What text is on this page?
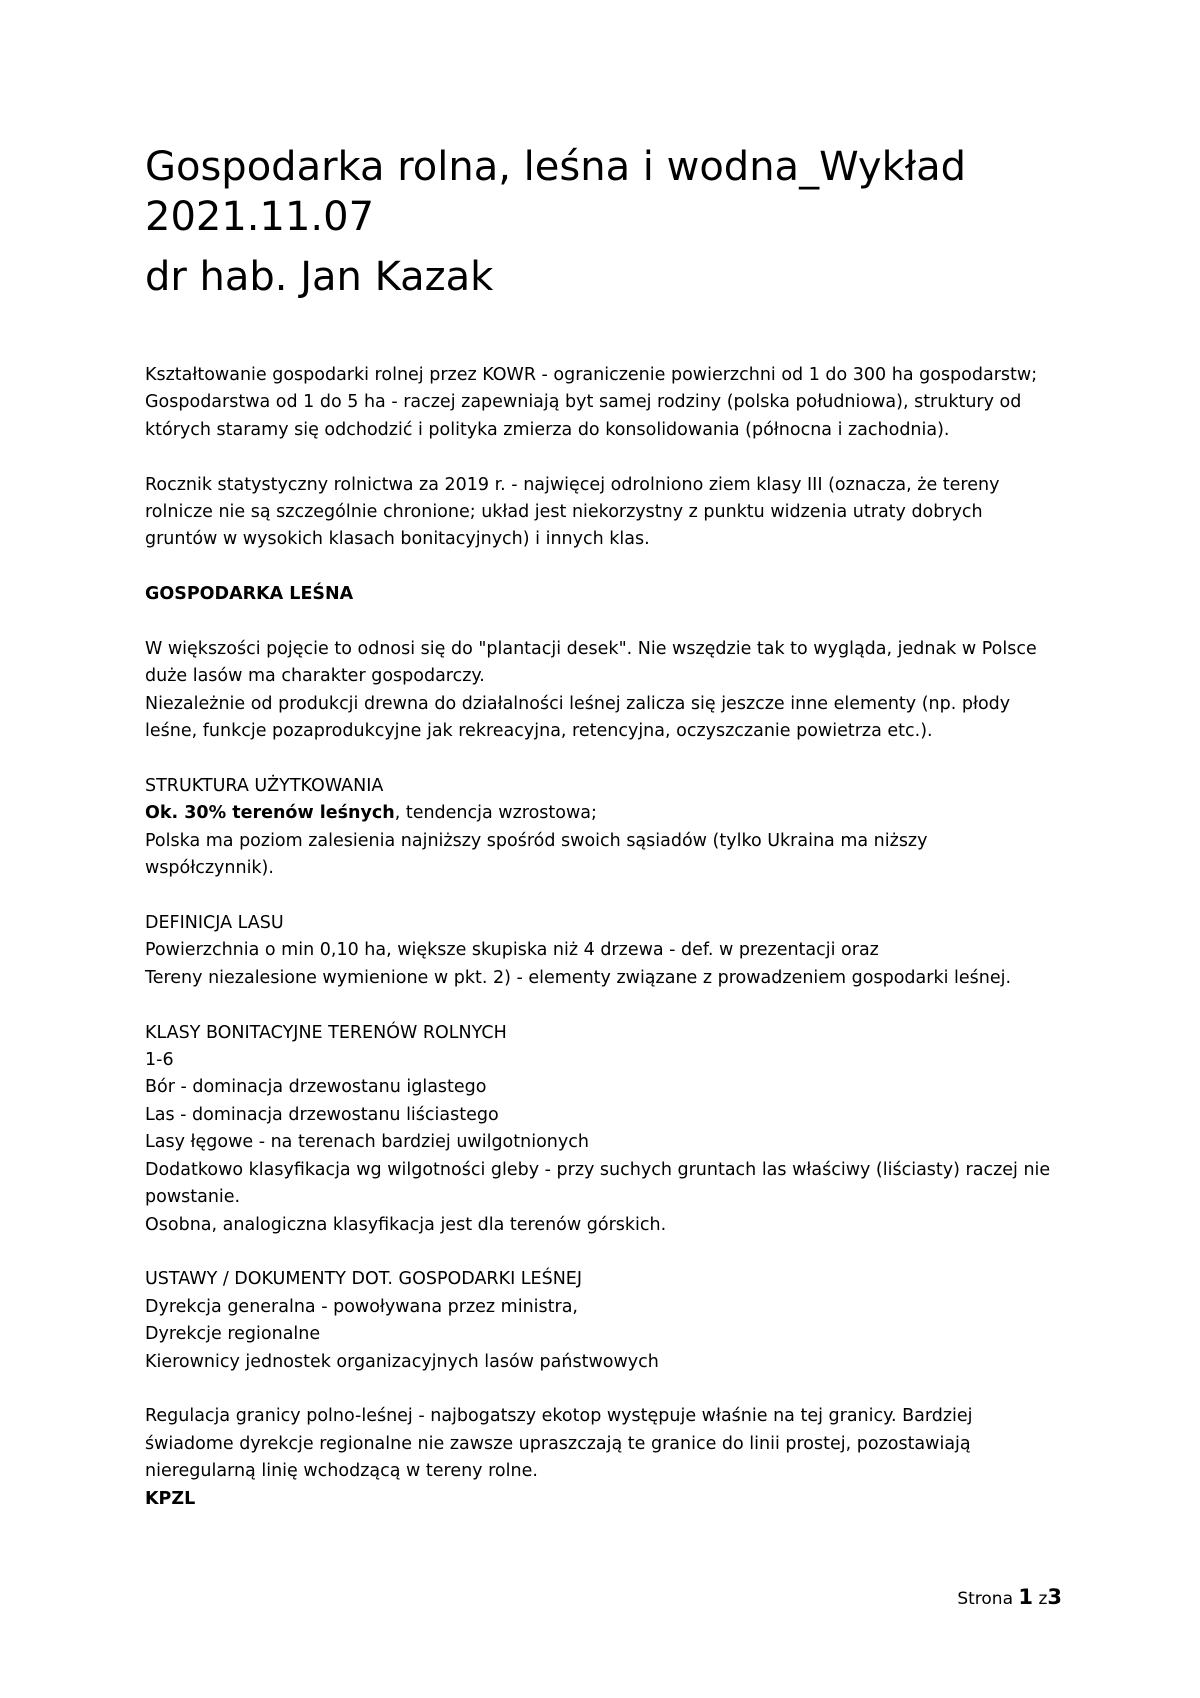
Gospodarka rolna, leśna i wodna_Wykład
2021.11.07
dr hab. Jan Kazak
Kształtowanie gospodarki rolnej przez KOWR - ograniczenie powierzchni od 1 do 300 ha gospodarstw;
Gospodarstwa od 1 do 5 ha - raczej zapewniają byt samej rodziny (polska południowa), struktury od
których staramy się odchodzić i polityka zmierza do konsolidowania (północna i zachodnia).
Rocznik statystyczny rolnictwa za 2019 r. - najwięcej odrolniono ziem klasy III (oznacza, że tereny
rolnicze nie są szczególnie chronione; układ jest niekorzystny z punktu widzenia utraty dobrych
gruntów w wysokich klasach bonitacyjnych) i innych klas.
GOSPODARKA LEŚNA
W większości pojęcie to odnosi się do "plantacji desek". Nie wszędzie tak to wygląda, jednak w Polsce
duże lasów ma charakter gospodarczy.
Niezależnie od produkcji drewna do działalności leśnej zalicza się jeszcze inne elementy (np. płody
leśne, funkcje pozaprodukcyjne jak rekreacyjna, retencyjna, oczyszczanie powietrza etc.).
STRUKTURA UŻYTKOWANIA
Ok. 30% terenów leśnych, tendencja wzrostowa;
Polska ma poziom zalesienia najniższy spośród swoich sąsiadów (tylko Ukraina ma niższy
współczynnik).
DEFINICJA LASU
Powierzchnia o min 0,10 ha, większe skupiska niż 4 drzewa - def. w prezentacji oraz
Tereny niezalesione wymienione w pkt. 2) - elementy związane z prowadzeniem gospodarki leśnej.
KLASY BONITACYJNE TERENÓW ROLNYCH
1-6
Bór - dominacja drzewostanu iglastego
Las - dominacja drzewostanu liściastego
Lasy łęgowe - na terenach bardziej uwilgotnionych
Dodatkowo klasyfikacja wg wilgotności gleby - przy suchych gruntach las właściwy (liściasty) raczej nie
powstanie.
Osobna, analogiczna klasyfikacja jest dla terenów górskich.
USTAWY / DOKUMENTY DOT. GOSPODARKI LEŚNEJ
Dyrekcja generalna - powoływana przez ministra,
Dyrekcje regionalne
Kierownicy jednostek organizacyjnych lasów państwowych
Regulacja granicy polno-leśnej - najbogatszy ekotop występuje właśnie na tej granicy. Bardziej
świadome dyrekcje regionalne nie zawsze upraszczają te granice do linii prostej, pozostawiają
nieregularną linię wchodzącą w tereny rolne.
KPZL
Strona 1 z3
